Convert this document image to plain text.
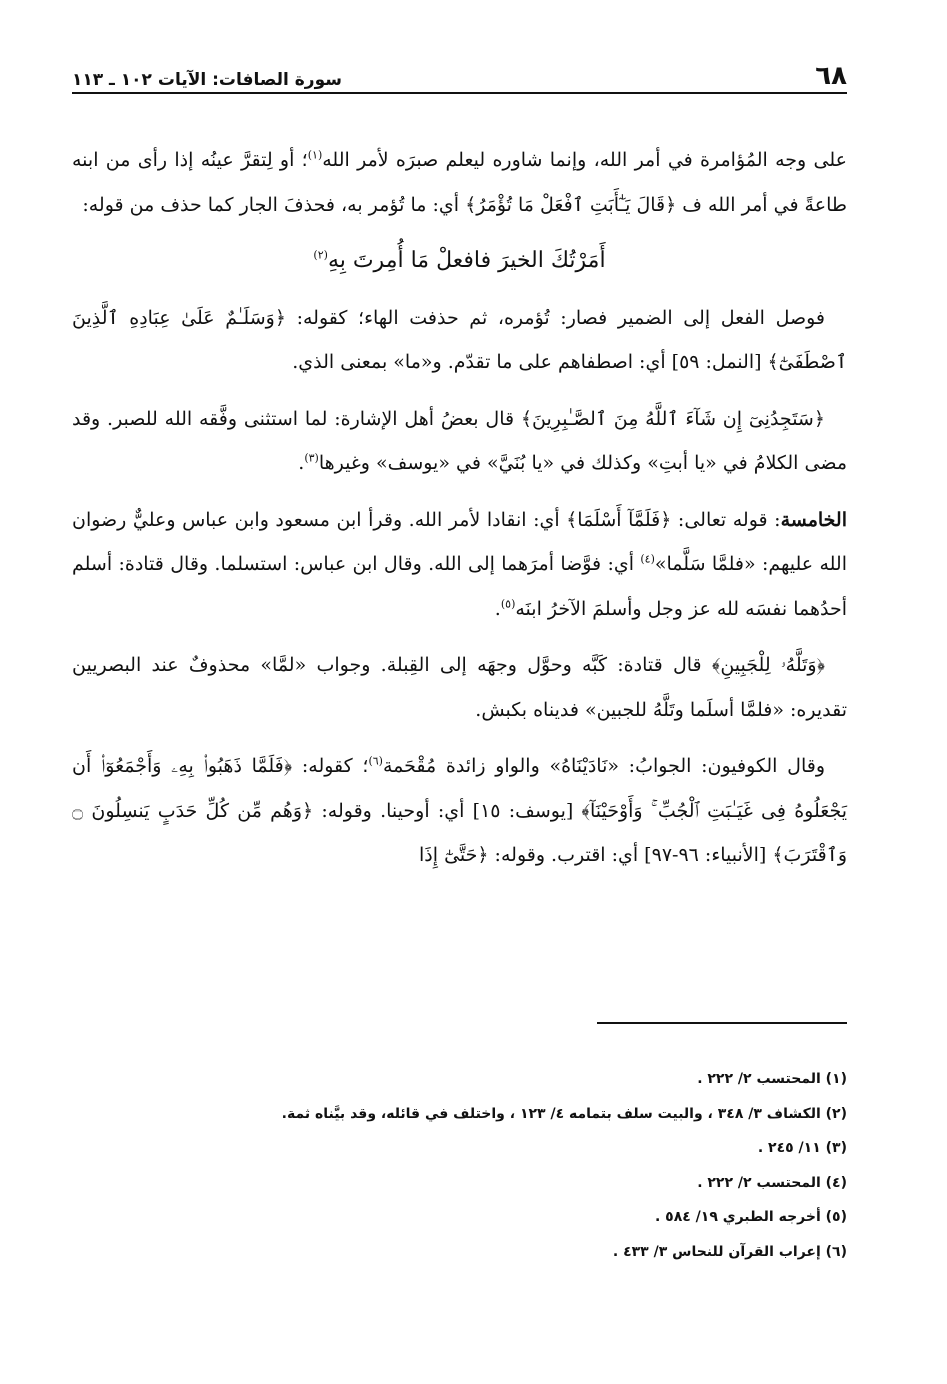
٦٨
سورة الصافات: الآيات ١٠٢ ـ ١١٣

على وجه المُؤامرة في أمر الله، وإنما شاوره ليعلم صبرَه لأمر الله$^{(١)}$؛ أو لِتقرَّ عينُه إذا رأى من ابنه طاعةً في أمر الله ف ﴿قَالَ يَـٰٓأَبَتِ ٱفْعَلْ مَا تُؤْمَرُ﴾ أي: ما تُؤمر به، فحذفَ الجار كما حذف من قوله:

أَمَرْتُكَ الخيرَ فافعلْ مَا أُمِرتَ بِهِ$^{(٢)}$

فوصل الفعل إلى الضمير فصار: تُؤمره، ثم حذفت الهاء؛ كقوله: ﴿وَسَلَـٰمٌ عَلَىٰ عِبَادِهِ ٱلَّذِينَ ٱصْطَفَىٰٓ﴾ [النمل: ٥٩] أي: اصطفاهم على ما تقدّم. و«ما» بمعنى الذي.

﴿سَتَجِدُنِىٓ إِن شَآءَ ٱللَّهُ مِنَ ٱلصَّـٰبِرِينَ﴾ قال بعضُ أهل الإشارة: لما استثنى وفَّقه الله للصبر. وقد مضى الكلامُ في «يا أبتِ» وكذلك في «يا بُنَيَّ» في «يوسف» وغيرها$^{(٣)}$.

الخامسة: قوله تعالى: ﴿فَلَمَّآ أَسْلَمَا﴾ أي: انقادا لأمر الله. وقرأ ابن مسعود وابن عباس وعليٌّ رضوان الله عليهم: «فلمَّا سَلَّما»$^{(٤)}$ أي: فوَّضا أمرَهما إلى الله. وقال ابن عباس: استسلما. وقال قتادة: أسلم أحدُهما نفسَه لله عز وجل وأسلمَ الآخرُ ابنَه$^{(٥)}$.

﴿وَتَلَّهُۥ لِلْجَبِينِ﴾ قال قتادة: كَبَّه وحوَّل وجهَه إلى القِبلة. وجواب «لمَّا» محذوفٌ عند البصريين تقديره: «فلمَّا أسلَما وتَلَّهُ للجبين» فديناه بكبش.

وقال الكوفيون: الجوابُ: «نَادَيْنَاهُ» والواو زائدة مُقْحَمة$^{(٦)}$؛ كقوله: ﴿فَلَمَّا ذَهَبُوا۟ بِهِۦ وَأَجْمَعُوٓا۟ أَن يَجْعَلُوهُ فِى غَيَـٰبَتِ ٱلْجُبِّ ۚ وَأَوْحَيْنَآ﴾ [يوسف: ١٥] أي: أوحينا. وقوله: ﴿وَهُم مِّن كُلِّ حَدَبٍ يَنسِلُونَ ۝ وَٱقْتَرَبَ﴾ [الأنبياء: ٩٦-٩٧] أي: اقترب. وقوله: ﴿حَتَّىٰٓ إِذَا

(١) المحتسب ٢/ ٢٢٢ .
(٢) الكشاف ٣/ ٣٤٨ ، والبيت سلف بتمامه ٤/ ١٢٣ ، واختلف في قائله، وقد بيَّناه ثمة.
(٣) ١١/ ٢٤٥ .
(٤) المحتسب ٢/ ٢٢٢ .
(٥) أخرجه الطبري ١٩/ ٥٨٤ .
(٦) إعراب القرآن للنحاس ٣/ ٤٣٣ .
